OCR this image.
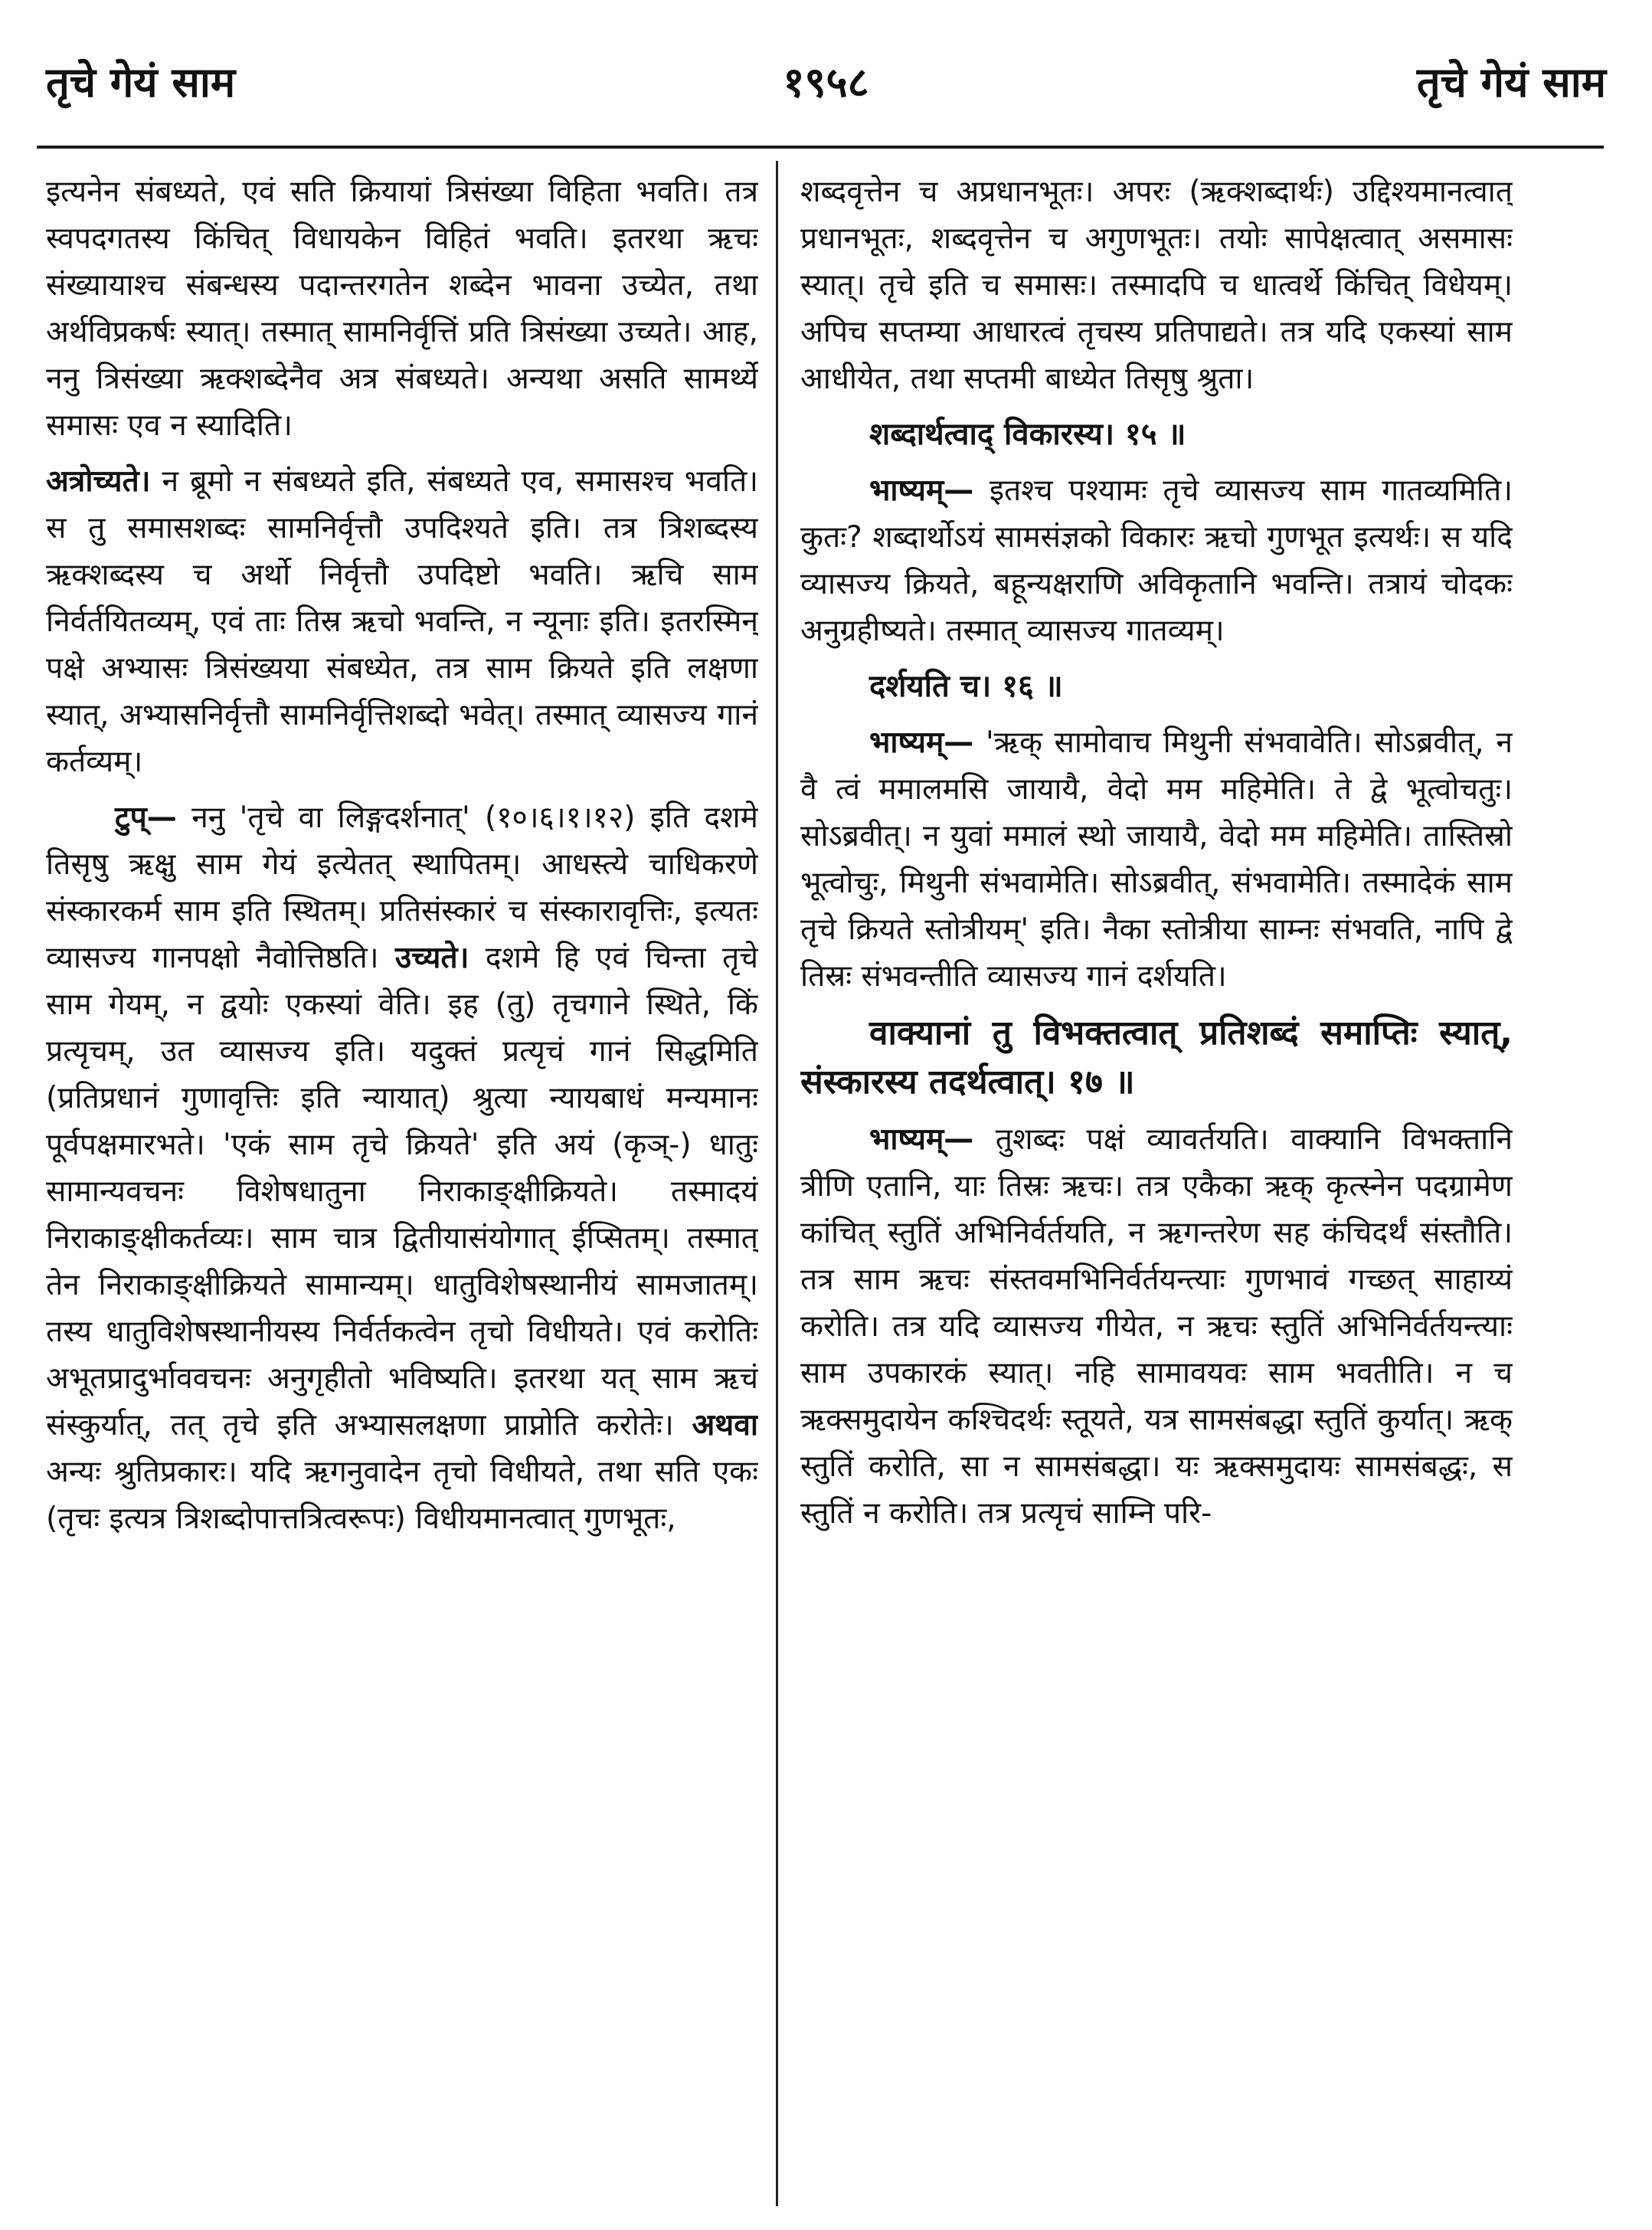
तृचे गेयं साम	१९५८	तृचे गेयं साम

इत्यनेन संबध्यते, एवं सति क्रियायां त्रिसंख्या विहिता भवति। तत्र स्वपदगतस्य किंचित् विधायकेन विहितं भवति। इतरथा ऋचः संख्यायाश्च संबन्धस्य पदान्तरगतेन शब्देन भावना उच्येत, तथा अर्थविप्रकर्षः स्यात्। तस्मात् सामनिर्वृत्तिं प्रति त्रिसंख्या उच्यते। आह, ननु त्रिसंख्या ऋक्शब्देनैव अत्र संबध्यते। अन्यथा असति सामर्थ्ये समासः एव न स्यादिति।

अत्रोच्यते। न ब्रूमो न संबध्यते इति, संबध्यते एव, समासश्च भवति। स तु समासशब्दः सामनिर्वृत्तौ उपदिश्यते इति। तत्र त्रिशब्दस्य ऋक्शब्दस्य च अर्थो निर्वृत्तौ उपदिष्टो भवति। ऋचि साम निर्वर्तयितव्यम्, एवं ताः तिस्र ऋचो भवन्ति, न न्यूनाः इति। इतरस्मिन् पक्षे अभ्यासः त्रिसंख्यया संबध्येत, तत्र साम क्रियते इति लक्षणा स्यात्, अभ्यासनिर्वृत्तौ सामनिर्वृत्तिशब्दो भवेत्। तस्मात् व्यासज्य गानं कर्तव्यम्।

टुप्— ननु 'तृचे वा लिङ्गदर्शनात्' (१०।६।१।१२) इति दशमे तिसृषु ऋक्षु साम गेयं इत्येतत् स्थापितम्। आधस्त्ये चाधिकरणे संस्कारकर्म साम इति स्थितम्। प्रतिसंस्कारं च संस्कारावृत्तिः, इत्यतः व्यासज्य गानपक्षो नैवोत्तिष्ठति। उच्यते। दशमे हि एवं चिन्ता तृचे साम गेयम्, न द्वयोः एकस्यां वेति। इह (तु) तृचगाने स्थिते, किं प्रत्यृचम्, उत व्यासज्य इति। यदुक्तं प्रत्यृचं गानं सिद्धमिति (प्रतिप्रधानं गुणावृत्तिः इति न्यायात्) श्रुत्या न्यायबाधं मन्यमानः पूर्वपक्षमारभते। 'एकं साम तृचे क्रियते' इति अयं (कृञ्-) धातुः सामान्यवचनः विशेषधातुना निराकाङ्क्षीक्रियते। तस्मादयं निराकाङ्क्षीकर्तव्यः। साम चात्र द्वितीयासंयोगात् ईप्सितम्। तस्मात् तेन निराकाङ्क्षीक्रियते सामान्यम्। धातुविशेषस्थानीयं सामजातम्। तस्य धातुविशेषस्थानीयस्य निर्वर्तकत्वेन तृचो विधीयते। एवं करोतिः अभूतप्रादुर्भाववचनः अनुगृहीतो भविष्यति। इतरथा यत् साम ऋचं संस्कुर्यात्, तत् तृचे इति अभ्यासलक्षणा प्राप्नोति करोतेः। अथवा अन्यः श्रुतिप्रकारः। यदि ऋगनुवादेन तृचो विधीयते, तथा सति एकः (तृचः इत्यत्र त्रिशब्दोपात्तत्रित्वरूपः) विधीयमानत्वात् गुणभूतः,

शब्दवृत्तेन च अप्रधानभूतः। अपरः (ऋक्शब्दार्थः) उद्दिश्यमानत्वात् प्रधानभूतः, शब्दवृत्तेन च अगुणभूतः। तयोः सापेक्षत्वात् असमासः स्यात्। तृचे इति च समासः। तस्मादपि च धात्वर्थे किंचित् विधेयम्। अपिच सप्तम्या आधारत्वं तृचस्य प्रतिपाद्यते। तत्र यदि एकस्यां साम आधीयेत, तथा सप्तमी बाध्येत तिसृषु श्रुता।

शब्दार्थत्वाद् विकारस्य। १५ ॥

भाष्यम्— इतश्च पश्यामः तृचे व्यासज्य साम गातव्यमिति। कुतः? शब्दार्थोऽयं सामसंज्ञको विकारः ऋचो गुणभूत इत्यर्थः। स यदि व्यासज्य क्रियते, बहून्यक्षराणि अविकृतानि भवन्ति। तत्रायं चोदकः अनुग्रहीष्यते। तस्मात् व्यासज्य गातव्यम्।

दर्शयति च। १६ ॥

भाष्यम्— 'ऋक् सामोवाच मिथुनी संभवावेति। सोऽब्रवीत्, न वै त्वं ममालमसि जायायै, वेदो मम महिमेति। ते द्वे भूत्वोचतुः। सोऽब्रवीत्। न युवां ममालं स्थो जायायै, वेदो मम महिमेति। तास्तिस्रो भूत्वोचुः, मिथुनी संभवामेति। सोऽब्रवीत्, संभवामेति। तस्मादेकं साम तृचे क्रियते स्तोत्रीयम्' इति। नैका स्तोत्रीया साम्नः संभवति, नापि द्वे तिस्रः संभवन्तीति व्यासज्य गानं दर्शयति।

वाक्यानां तु विभक्तत्वात् प्रतिशब्दं समाप्तिः स्यात्, संस्कारस्य तदर्थत्वात्। १७ ॥

भाष्यम्— तुशब्दः पक्षं व्यावर्तयति। वाक्यानि विभक्तानि त्रीणि एतानि, याः तिस्रः ऋचः। तत्र एकैका ऋक् कृत्स्नेन पदग्रामेण कांचित् स्तुतिं अभिनिर्वर्तयति, न ऋगन्तरेण सह कंचिदर्थं संस्तौति। तत्र साम ऋचः संस्तवमभिनिर्वर्तयन्त्याः गुणभावं गच्छत् साहाय्यं करोति। तत्र यदि व्यासज्य गीयेत, न ऋचः स्तुतिं अभिनिर्वर्तयन्त्याः साम उपकारकं स्यात्। नहि सामावयवः साम भवतीति। न च ऋक्समुदायेन कश्चिदर्थः स्तूयते, यत्र सामसंबद्धा स्तुतिं कुर्यात्। ऋक् स्तुतिं करोति, सा न सामसंबद्धा। यः ऋक्समुदायः सामसंबद्धः, स स्तुतिं न करोति। तत्र प्रत्यृचं साम्नि परि-
